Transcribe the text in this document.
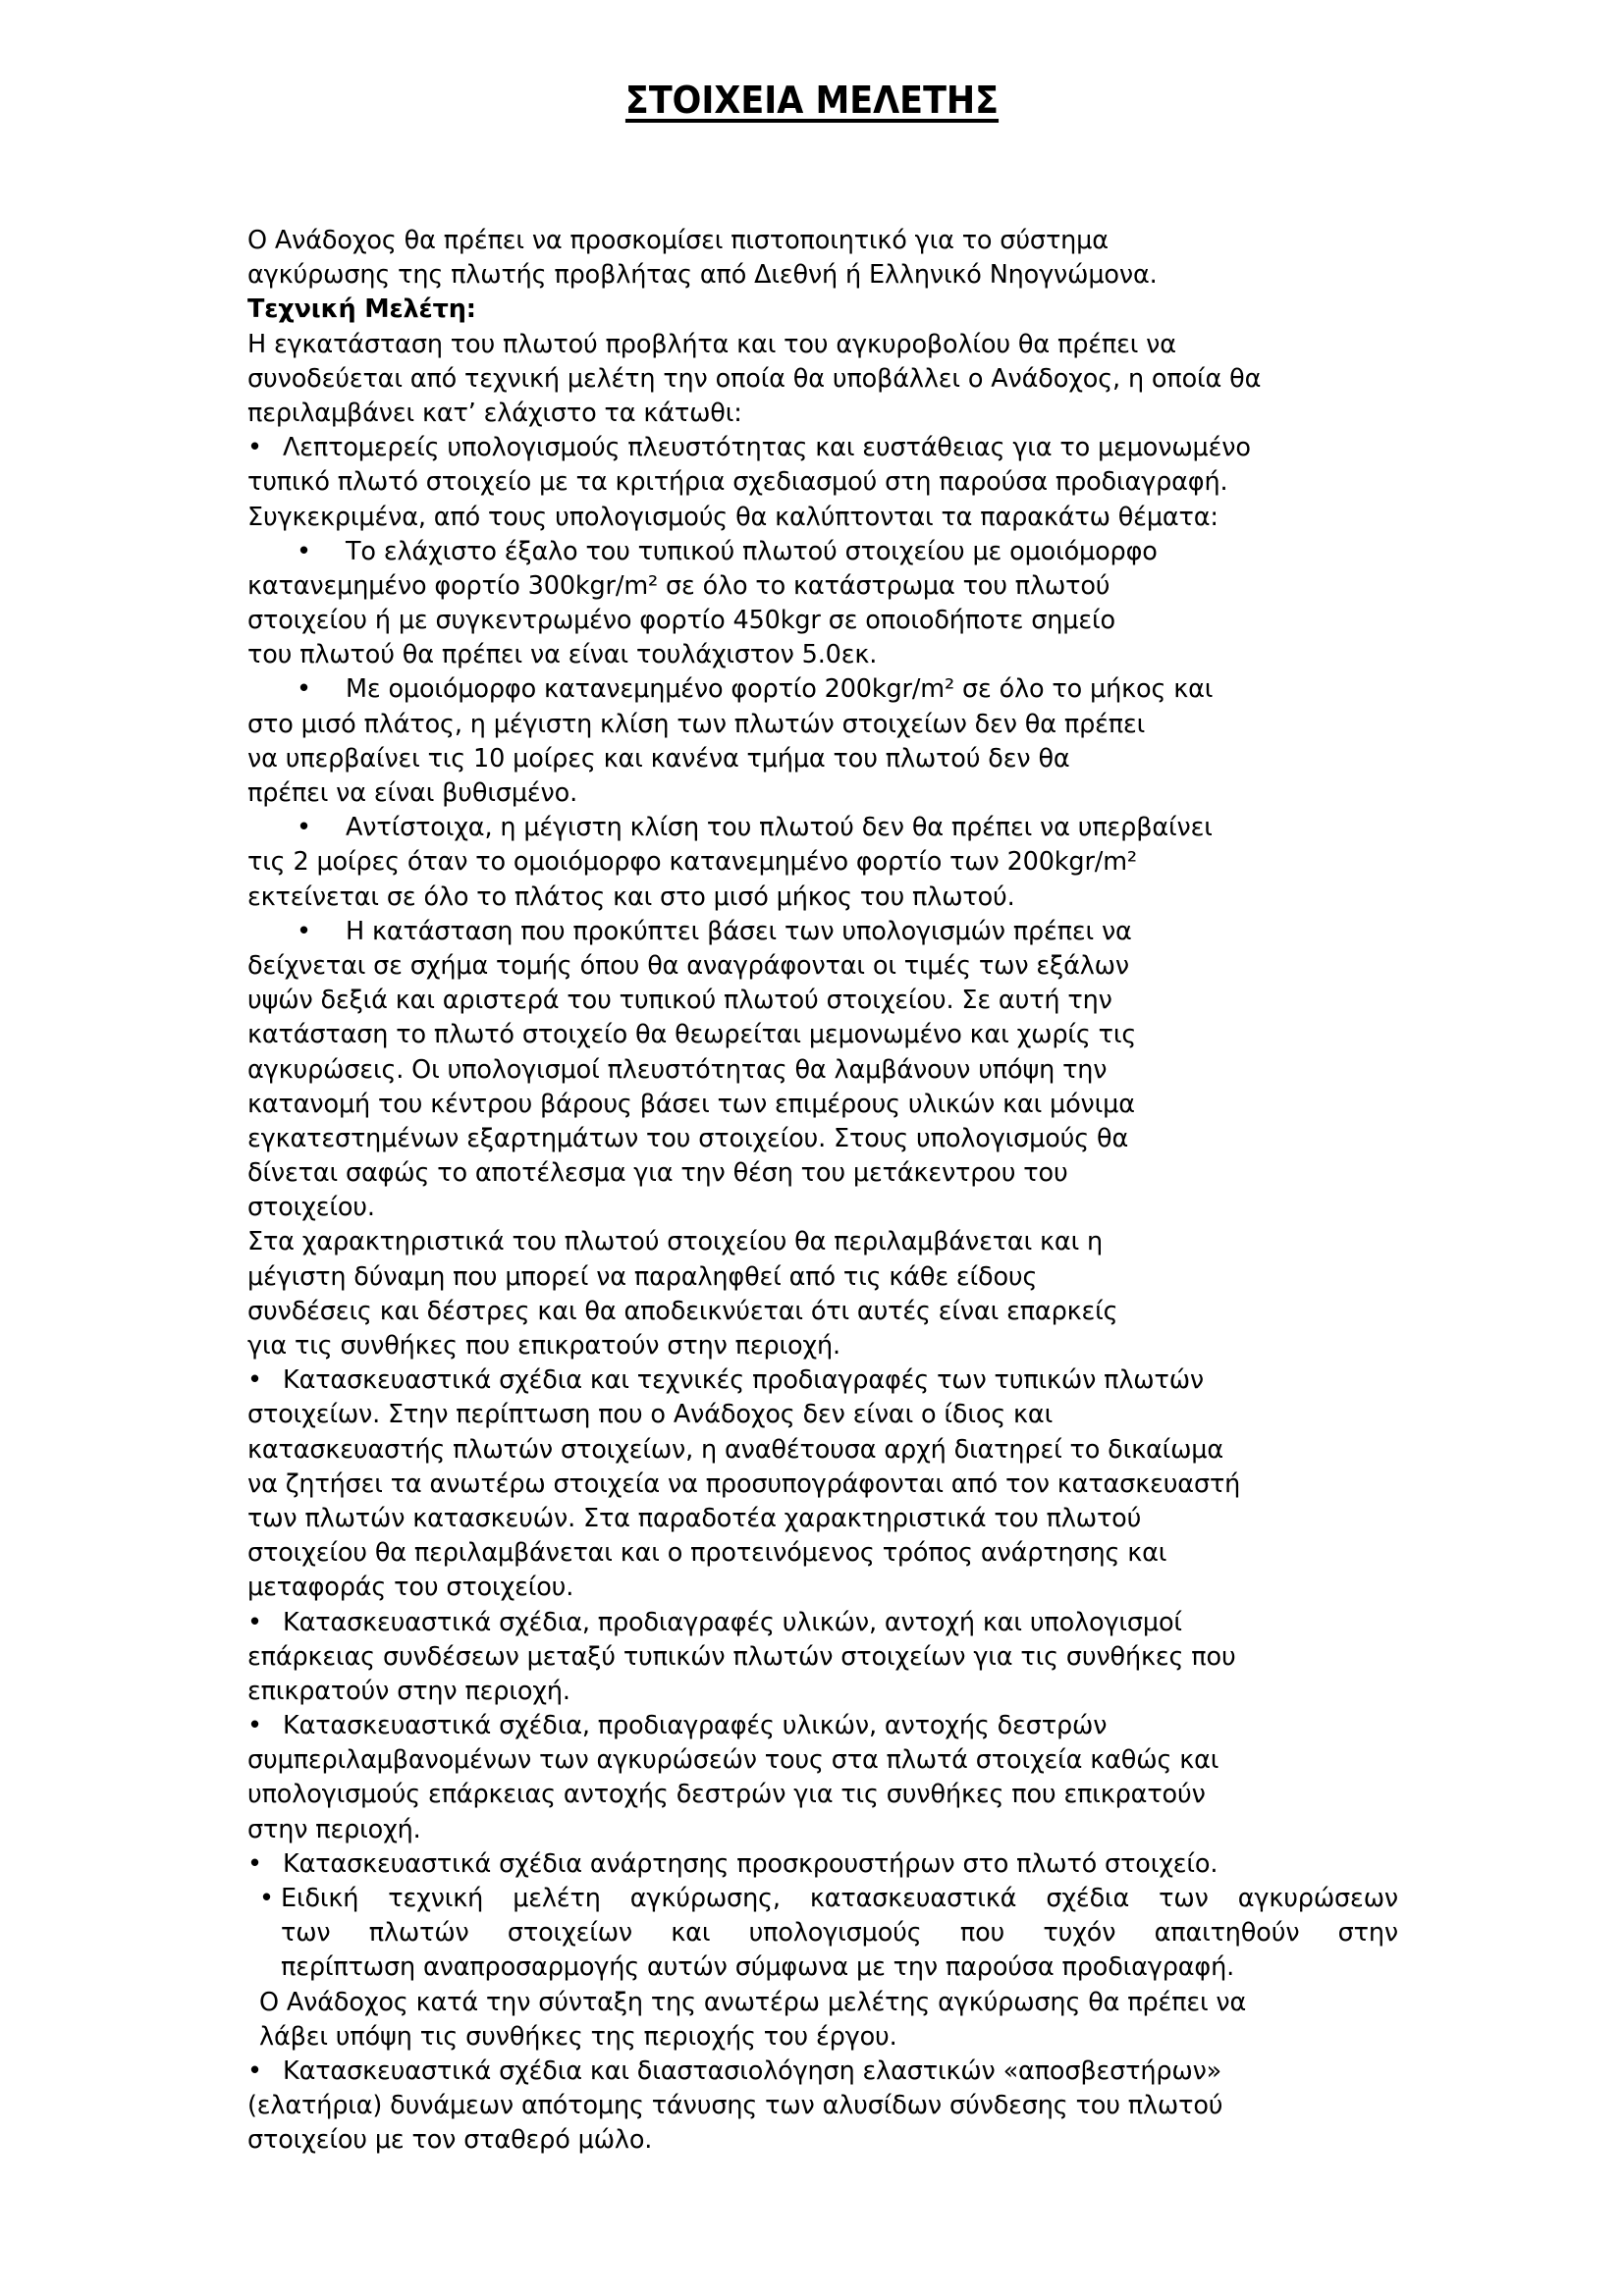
ΣΤΟΙΧΕΙΑ ΜΕΛΕΤΗΣ
Ο Ανάδοχος θα πρέπει να προσκομίσει πιστοποιητικό για το σύστημα
αγκύρωσης της πλωτής προβλήτας από Διεθνή ή Ελληνικό Νηογνώμονα.
Τεχνική Μελέτη:
Η εγκατάσταση του πλωτού προβλήτα και του αγκυροβολίου θα πρέπει να
συνοδεύεται από τεχνική μελέτη την οποία θα υποβάλλει ο Ανάδοχος, η οποία θα
περιλαμβάνει κατ’ ελάχιστο τα κάτωθι:
• Λεπτομερείς υπολογισμούς πλευστότητας και ευστάθειας για το μεμονωμένο
τυπικό πλωτό στοιχείο με τα κριτήρια σχεδιασμού στη παρούσα προδιαγραφή.
Συγκεκριμένα, από τους υπολογισμούς θα καλύπτονται τα παρακάτω θέματα:
• Το ελάχιστο έξαλο του τυπικού πλωτού στοιχείου με ομοιόμορφο
κατανεμημένο φορτίο 300kgr/m² σε όλο το κατάστρωμα του πλωτού
στοιχείου ή με συγκεντρωμένο φορτίο 450kgr σε οποιοδήποτε σημείο
του πλωτού θα πρέπει να είναι τουλάχιστον 5.0εκ.
• Με ομοιόμορφο κατανεμημένο φορτίο 200kgr/m² σε όλο το μήκος και
στο μισό πλάτος, η μέγιστη κλίση των πλωτών στοιχείων δεν θα πρέπει
να υπερβαίνει τις 10 μοίρες και κανένα τμήμα του πλωτού δεν θα
πρέπει να είναι βυθισμένο.
• Αντίστοιχα, η μέγιστη κλίση του πλωτού δεν θα πρέπει να υπερβαίνει
τις 2 μοίρες όταν το ομοιόμορφο κατανεμημένο φορτίο των 200kgr/m²
εκτείνεται σε όλο το πλάτος και στο μισό μήκος του πλωτού.
• Η κατάσταση που προκύπτει βάσει των υπολογισμών πρέπει να
δείχνεται σε σχήμα τομής όπου θα αναγράφονται οι τιμές των εξάλων
υψών δεξιά και αριστερά του τυπικού πλωτού στοιχείου. Σε αυτή την
κατάσταση το πλωτό στοιχείο θα θεωρείται μεμονωμένο και χωρίς τις
αγκυρώσεις. Οι υπολογισμοί πλευστότητας θα λαμβάνουν υπόψη την
κατανομή του κέντρου βάρους βάσει των επιμέρους υλικών και μόνιμα
εγκατεστημένων εξαρτημάτων του στοιχείου. Στους υπολογισμούς θα
δίνεται σαφώς το αποτέλεσμα για την θέση του μετάκεντρου του
στοιχείου.
Στα χαρακτηριστικά του πλωτού στοιχείου θα περιλαμβάνεται και η
μέγιστη δύναμη που μπορεί να παραληφθεί από τις κάθε είδους
συνδέσεις και δέστρες και θα αποδεικνύεται ότι αυτές είναι επαρκείς
για τις συνθήκες που επικρατούν στην περιοχή.
• Κατασκευαστικά σχέδια και τεχνικές προδιαγραφές των τυπικών πλωτών
στοιχείων. Στην περίπτωση που ο Ανάδοχος δεν είναι ο ίδιος και
κατασκευαστής πλωτών στοιχείων, η αναθέτουσα αρχή διατηρεί το δικαίωμα
να ζητήσει τα ανωτέρω στοιχεία να προσυπογράφονται από τον κατασκευαστή
των πλωτών κατασκευών. Στα παραδοτέα χαρακτηριστικά του πλωτού
στοιχείου θα περιλαμβάνεται και ο προτεινόμενος τρόπος ανάρτησης και
μεταφοράς του στοιχείου.
• Κατασκευαστικά σχέδια, προδιαγραφές υλικών, αντοχή και υπολογισμοί
επάρκειας συνδέσεων μεταξύ τυπικών πλωτών στοιχείων για τις συνθήκες που
επικρατούν στην περιοχή.
• Κατασκευαστικά σχέδια, προδιαγραφές υλικών, αντοχής δεστρών
συμπεριλαμβανομένων των αγκυρώσεών τους στα πλωτά στοιχεία καθώς και
υπολογισμούς επάρκειας αντοχής δεστρών για τις συνθήκες που επικρατούν
στην περιοχή.
• Κατασκευαστικά σχέδια ανάρτησης προσκρουστήρων στο πλωτό στοιχείο.
• Ειδική τεχνική μελέτη αγκύρωσης, κατασκευαστικά σχέδια των αγκυρώσεων
των πλωτών στοιχείων και υπολογισμούς που τυχόν απαιτηθούν στην
περίπτωση αναπροσαρμογής αυτών σύμφωνα με την παρούσα προδιαγραφή.
Ο Ανάδοχος κατά την σύνταξη της ανωτέρω μελέτης αγκύρωσης θα πρέπει να
λάβει υπόψη τις συνθήκες της περιοχής του έργου.
• Κατασκευαστικά σχέδια και διαστασιολόγηση ελαστικών «αποσβεστήρων»
(ελατήρια) δυνάμεων απότομης τάνυσης των αλυσίδων σύνδεσης του πλωτού
στοιχείου με τον σταθερό μώλο.
